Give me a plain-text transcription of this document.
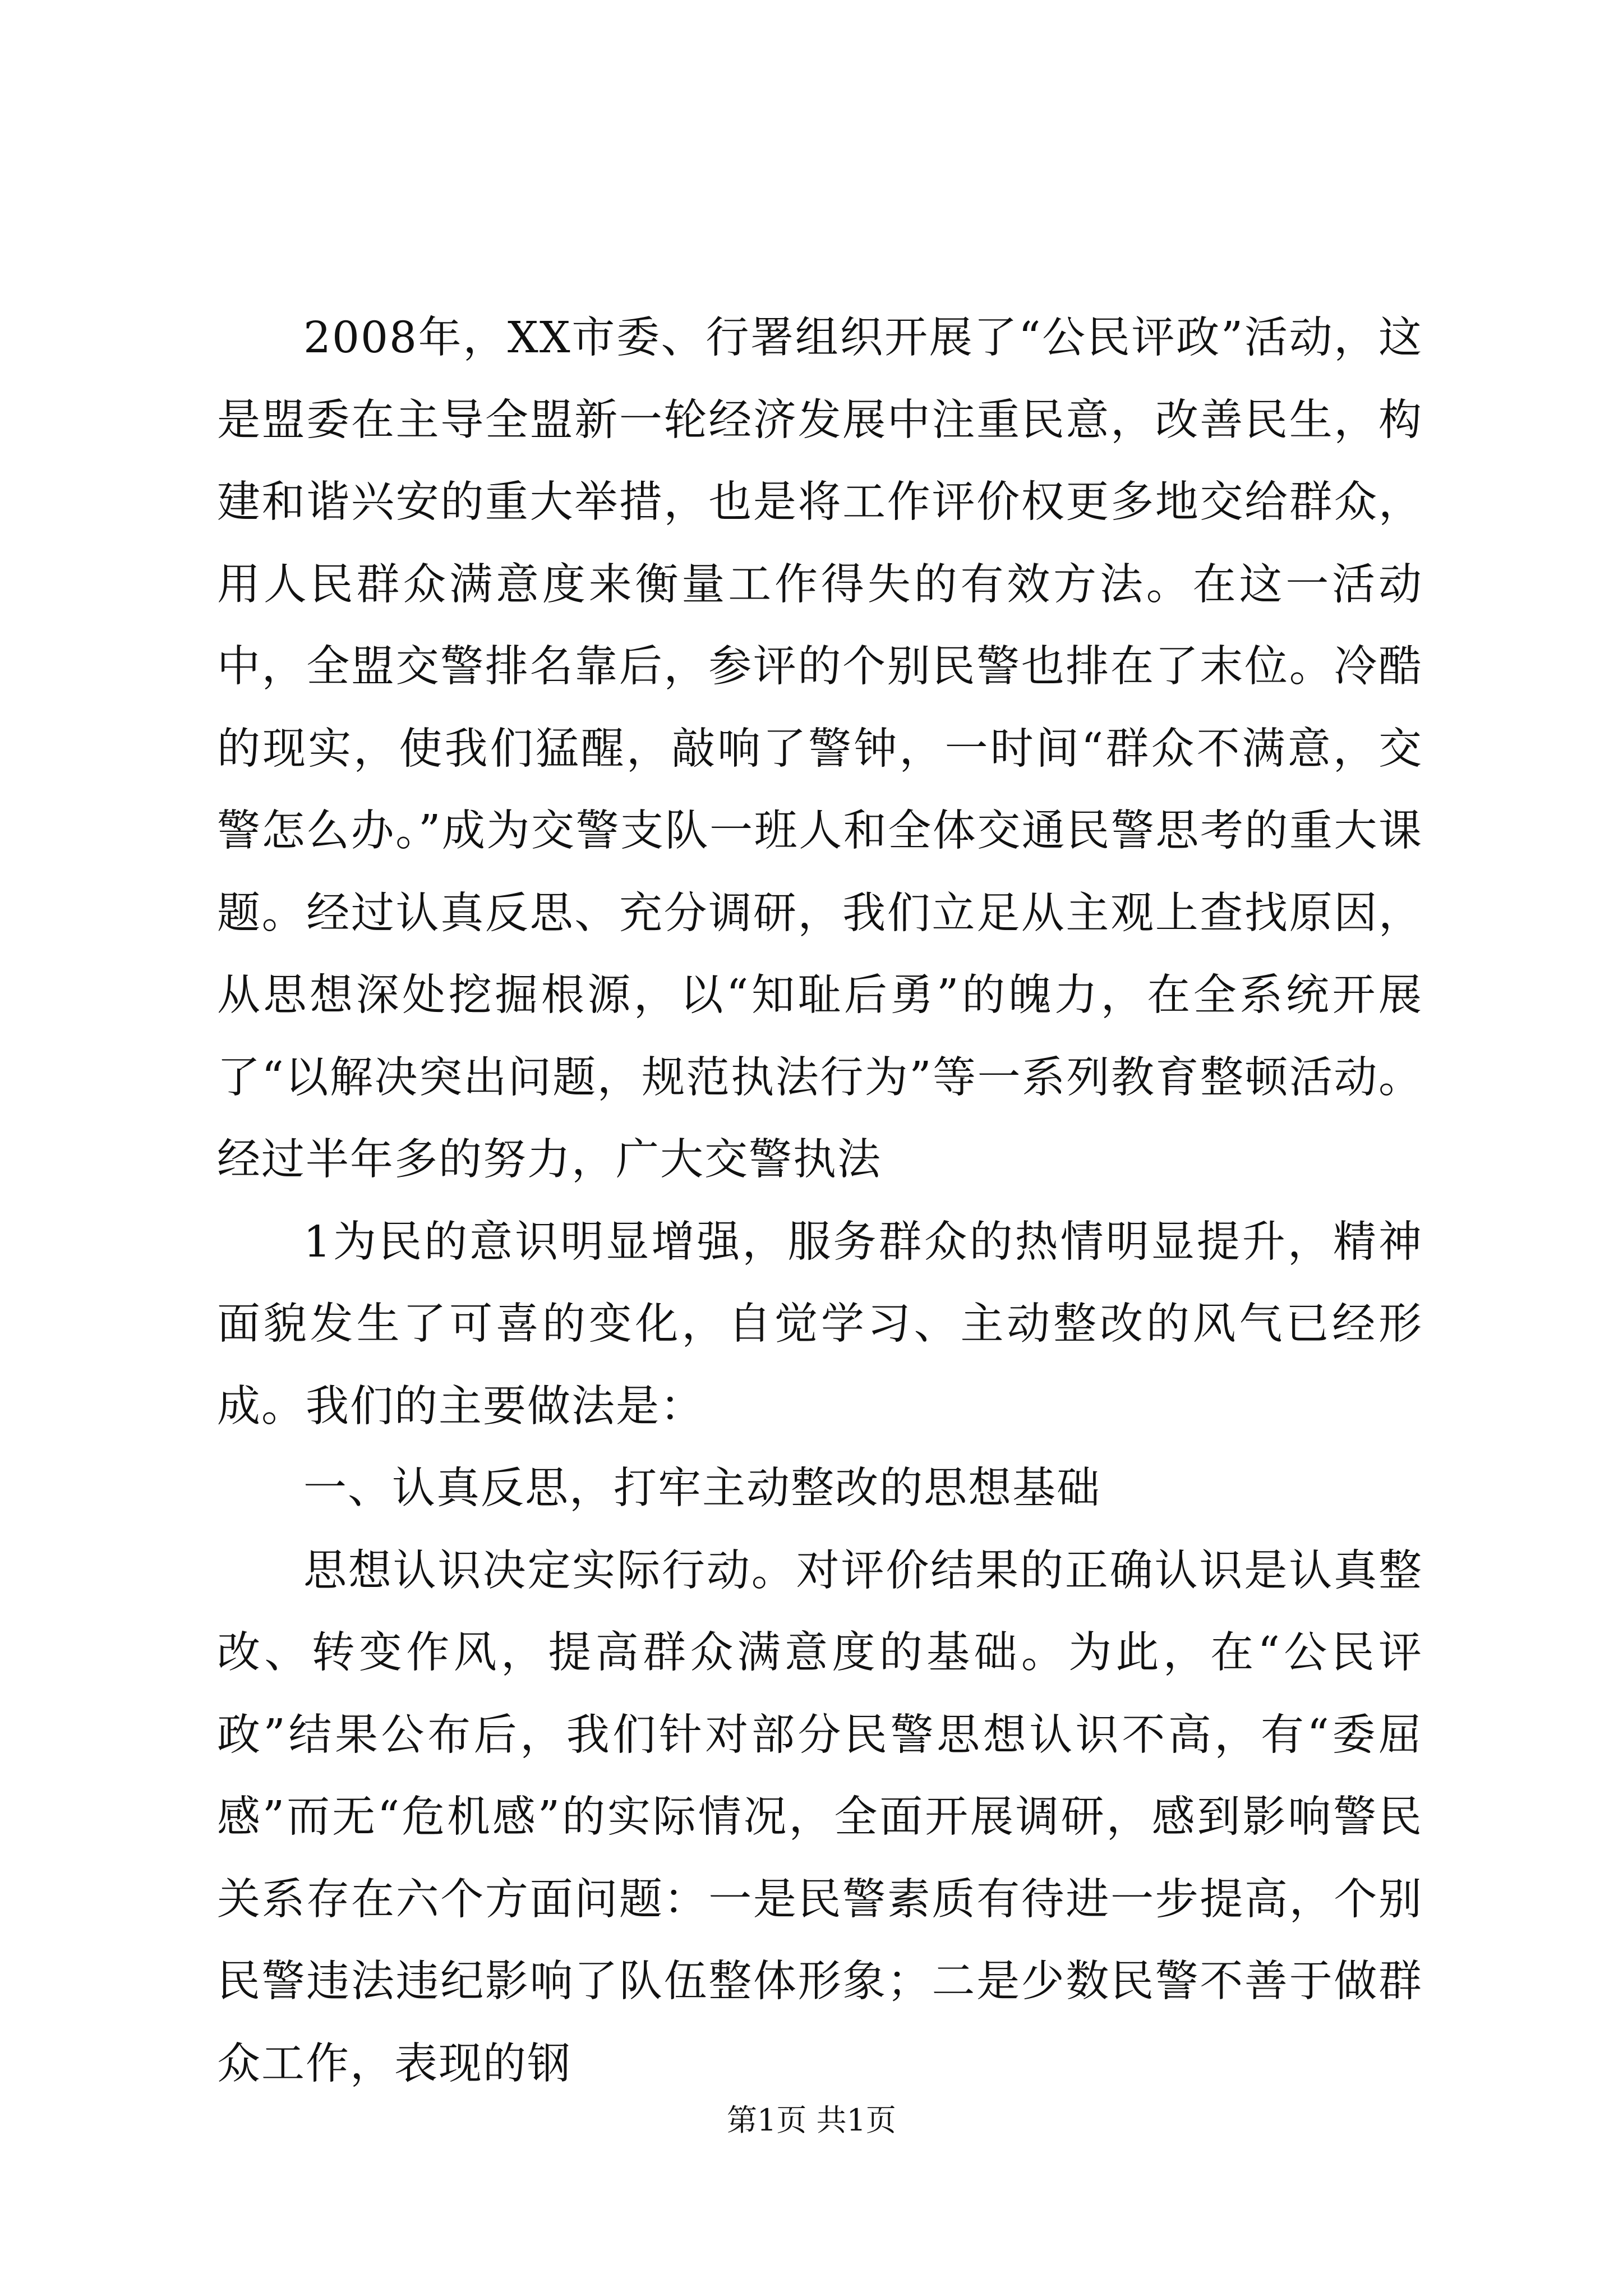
2008年，XX市委、行署组织开展了“公民评政”活动，这是盟委在主导全盟新一轮经济发展中注重民意，改善民生，构建和谐兴安的重大举措，也是将工作评价权更多地交给群众，用人民群众满意度来衡量工作得失的有效方法。在这一活动中，全盟交警排名靠后，参评的个别民警也排在了末位。冷酷的现实，使我们猛醒，敲响了警钟，一时间“群众不满意，交警怎么办。”成为交警支队一班人和全体交通民警思考的重大课题。经过认真反思、充分调研，我们立足从主观上查找原因，从思想深处挖掘根源，以“知耻后勇”的魄力，在全系统开展了“以解决突出问题，规范执法行为”等一系列教育整顿活动。经过半年多的努力，广大交警执法

1为民的意识明显增强，服务群众的热情明显提升，精神面貌发生了可喜的变化，自觉学习、主动整改的风气已经形成。我们的主要做法是：

一、认真反思，打牢主动整改的思想基础

思想认识决定实际行动。对评价结果的正确认识是认真整改、转变作风，提高群众满意度的基础。为此，在“公民评政”结果公布后，我们针对部分民警思想认识不高，有“委屈感”而无“危机感”的实际情况，全面开展调研，感到影响警民关系存在六个方面问题：一是民警素质有待进一步提高，个别民警违法违纪影响了队伍整体形象；二是少数民警不善于做群众工作，表现的钢

第1页 共1页
